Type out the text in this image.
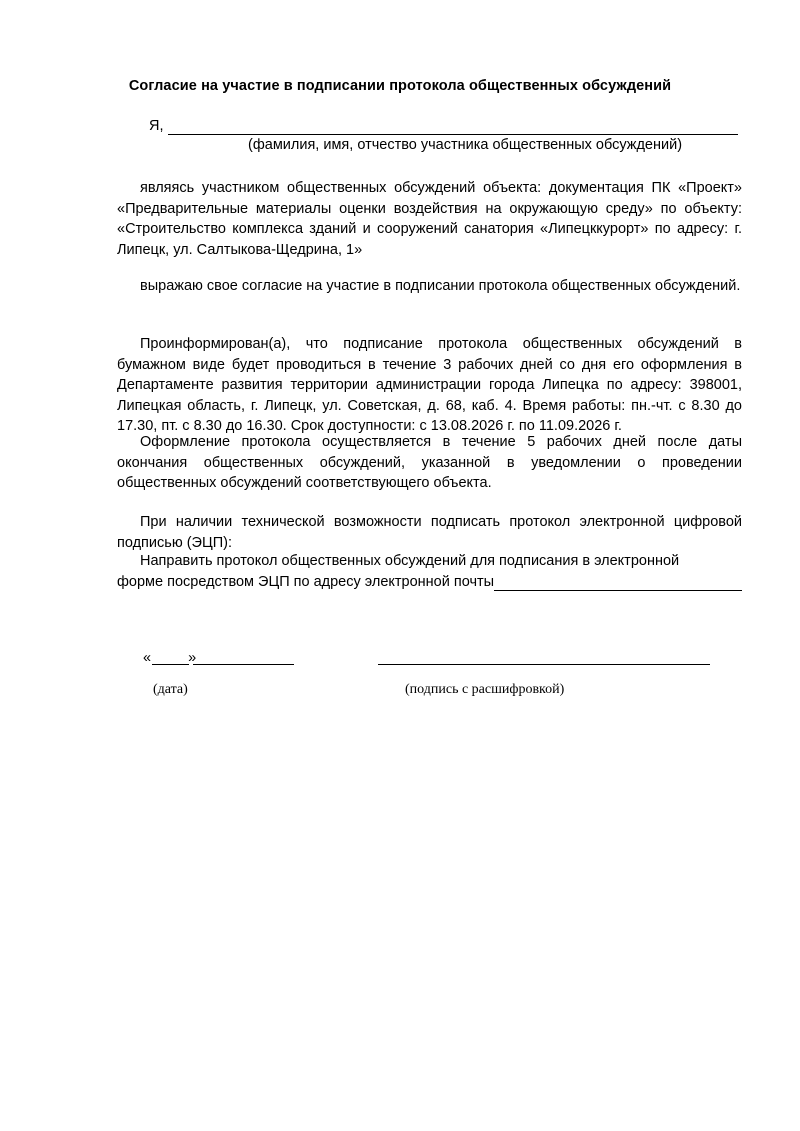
Согласие на участие в подписании протокола общественных обсуждений
Я,
(фамилия, имя, отчество участника общественных обсуждений)
являясь участником общественных обсуждений объекта: документация ПК «Проект» «Предварительные материалы оценки воздействия на окружающую среду» по объекту: «Строительство комплекса зданий и сооружений санатория «Липецккурорт» по адресу: г. Липецк, ул. Салтыкова-Щедрина, 1»
выражаю свое согласие на участие в подписании протокола общественных обсуждений.
Проинформирован(а), что подписание протокола общественных обсуждений в бумажном виде будет проводиться в течение 3 рабочих дней со дня его оформления в Департаменте развития территории администрации города Липецка по адресу: 398001, Липецкая область, г. Липецк, ул. Советская, д. 68, каб. 4. Время работы: пн.-чт. с 8.30 до 17.30, пт. с 8.30 до 16.30. Срок доступности: с 13.08.2026 г. по 11.09.2026 г.
Оформление протокола осуществляется в течение 5 рабочих дней после даты окончания общественных обсуждений, указанной в уведомлении о проведении общественных обсуждений соответствующего объекта.
При наличии технической возможности подписать протокол электронной цифровой подписью (ЭЦП):
Направить протокол общественных обсуждений для подписания в электронной форме посредством ЭЦП по адресу электронной почты
«	»
(дата)	(подпись с расшифровкой)
